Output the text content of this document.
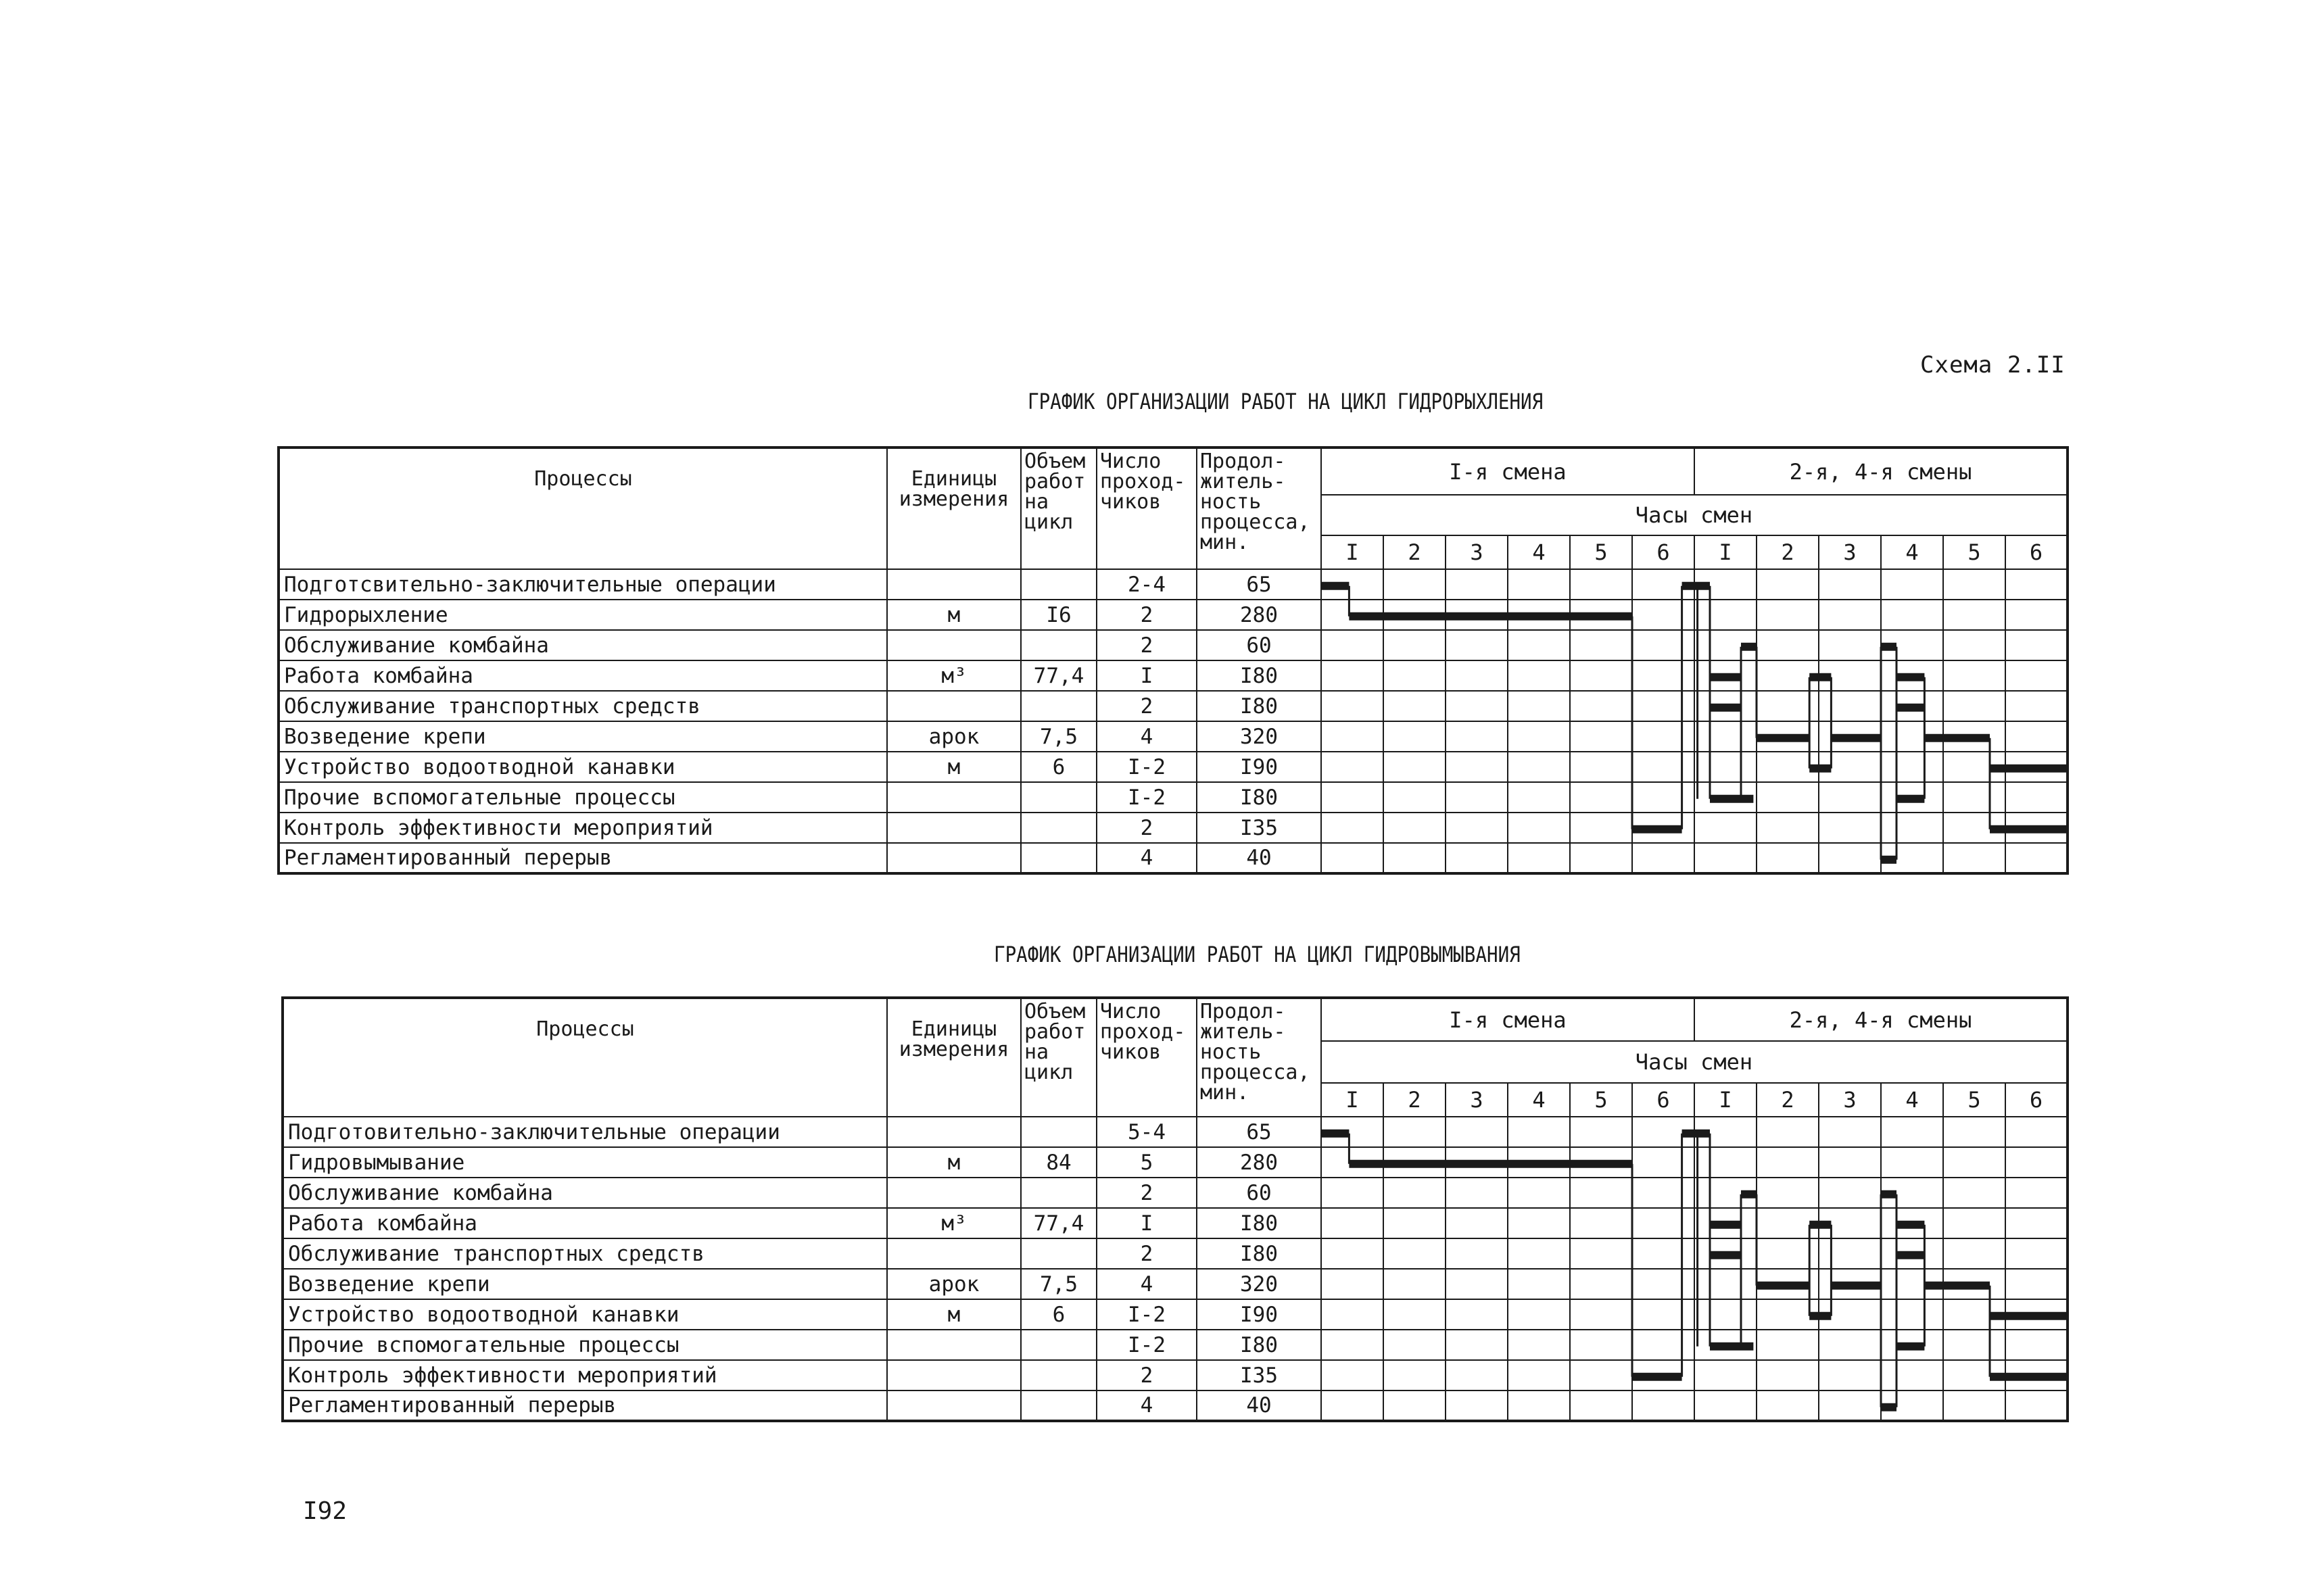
Схема 2.II
ГРАФИК ОРГАНИЗАЦИИ РАБОТ НА ЦИКЛ ГИДРОРЫХЛЕНИЯ
ГРАФИК ОРГАНИЗАЦИИ РАБОТ НА ЦИКЛ ГИДРОВЫМЫВАНИЯ
Процессы	Единицы измерения	Объем работ на цикл	Число проход-чиков	Продол-житель-ность процесса, мин.	I-я смена						2-я, 4-я смены					
					Часы смен											
					I	2	3	4	5	6	I	2	3	4	5	6
Подготсвительно-заключительные операции			2-4	65												
Гидрорыхление	м	I6	2	280												
Обслуживание комбайна			2	60												
Работа комбайна	м³	77,4	I	I80												
Обслуживание транспортных средств			2	I80												
Возведение крепи	арок	7,5	4	320												
Устройство водоотводной канавки	м	6	I-2	I90												
Прочие вспомогательные процессы			I-2	I80												
Контроль эффективности мероприятий			2	I35												
Регламентированный перерыв			4	40												
Процессы	Единицы измерения	Объем работ на цикл	Число проход-чиков	Продол-житель-ность процесса, мин.	I-я смена						2-я, 4-я смены					
					Часы смен											
					I	2	3	4	5	6	I	2	3	4	5	6
Подготовительно-заключительные операции			5-4	65												
Гидровымывание	м	84	5	280												
Обслуживание комбайна			2	60												
Работа комбайна	м³	77,4	I	I80												
Обслуживание транспортных средств			2	I80												
Возведение крепи	арок	7,5	4	320												
Устройство водоотводной канавки	м	6	I-2	I90												
Прочие вспомогательные процессы			I-2	I80												
Контроль эффективности мероприятий			2	I35												
Регламентированный перерыв			4	40												
I92
